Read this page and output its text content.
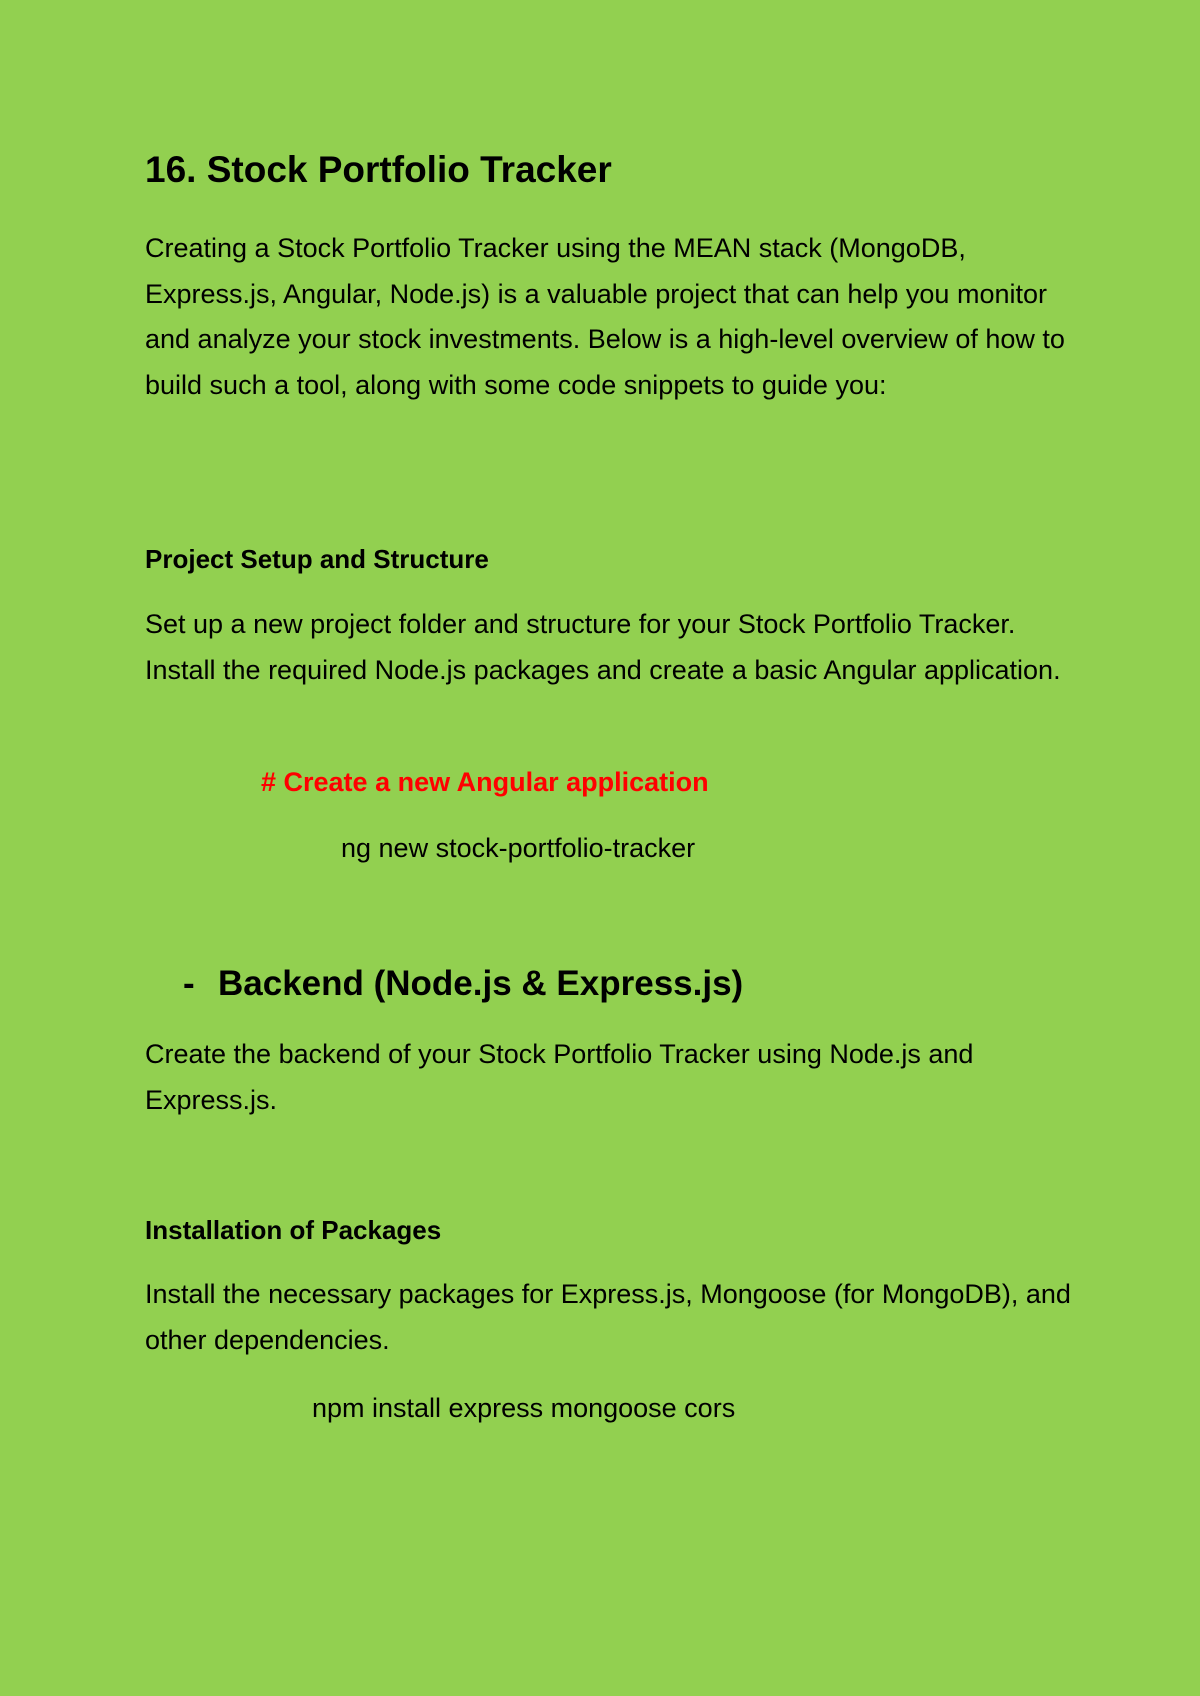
16. Stock Portfolio Tracker

Creating a Stock Portfolio Tracker using the MEAN stack (MongoDB, Express.js, Angular, Node.js) is a valuable project that can help you monitor and analyze your stock investments. Below is a high-level overview of how to build such a tool, along with some code snippets to guide you:

Project Setup and Structure

Set up a new project folder and structure for your Stock Portfolio Tracker. Install the required Node.js packages and create a basic Angular application.

# Create a new Angular application
ng new stock-portfolio-tracker
- Backend (Node.js & Express.js)

Create the backend of your Stock Portfolio Tracker using Node.js and Express.js.

Installation of Packages

Install the necessary packages for Express.js, Mongoose (for MongoDB), and other dependencies.

npm install express mongoose cors
